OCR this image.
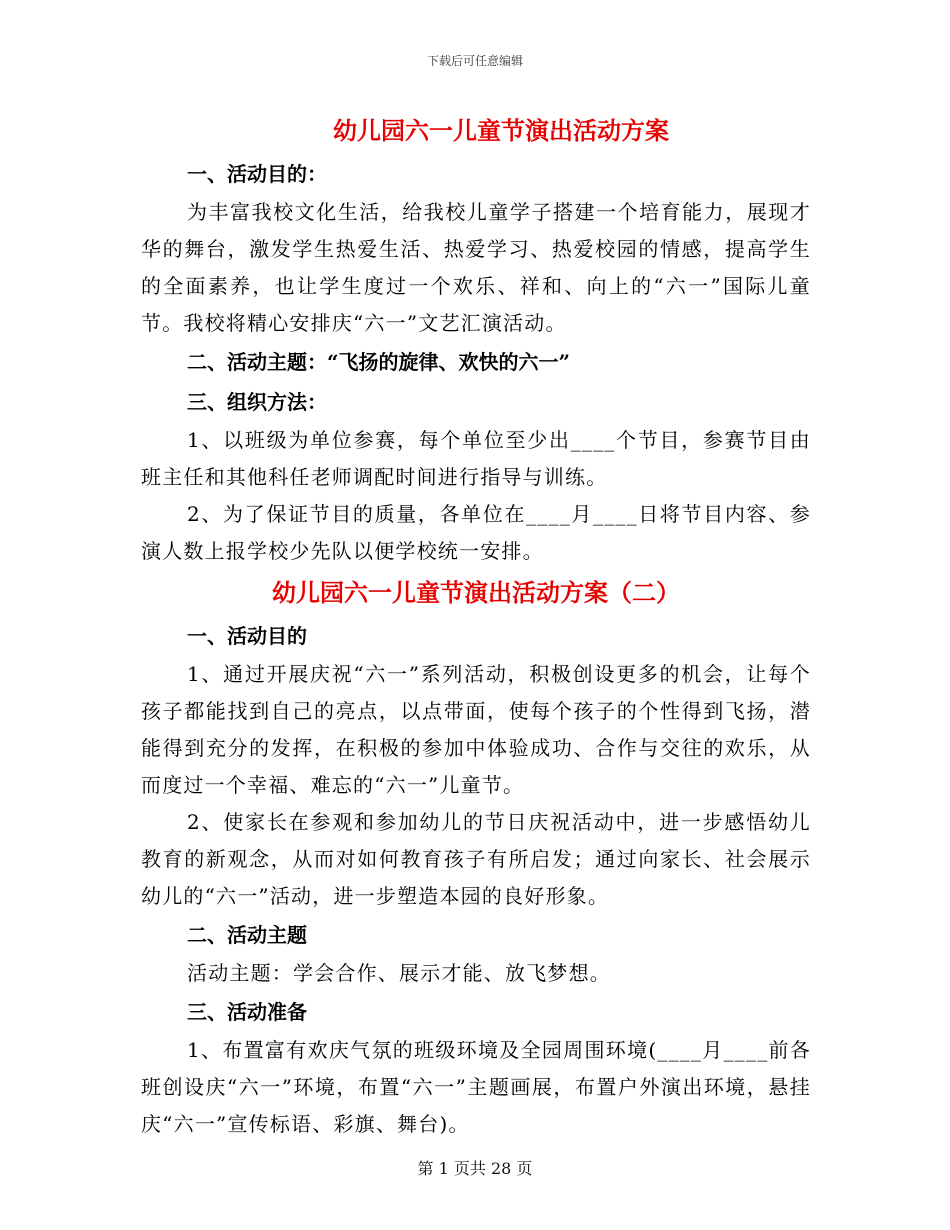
下载后可任意编辑
幼儿园六一儿童节演出活动方案

一、活动目的：

为丰富我校文化生活，给我校儿童学子搭建一个培育能力，展现才华的舞台，激发学生热爱生活、热爱学习、热爱校园的情感，提高学生的全面素养，也让学生度过一个欢乐、祥和、向上的“六一”国际儿童节。我校将精心安排庆“六一”文艺汇演活动。

二、活动主题：“飞扬的旋律、欢快的六一”

三、组织方法：

1、以班级为单位参赛，每个单位至少出____个节目，参赛节目由班主任和其他科任老师调配时间进行指导与训练。

2、为了保证节目的质量，各单位在____月____日将节目内容、参演人数上报学校少先队以便学校统一安排。

幼儿园六一儿童节演出活动方案（二）

一、活动目的

1、通过开展庆祝“六一”系列活动，积极创设更多的机会，让每个孩子都能找到自己的亮点，以点带面，使每个孩子的个性得到飞扬，潜能得到充分的发挥，在积极的参加中体验成功、合作与交往的欢乐，从而度过一个幸福、难忘的“六一”儿童节。

2、使家长在参观和参加幼儿的节日庆祝活动中，进一步感悟幼儿教育的新观念，从而对如何教育孩子有所启发；通过向家长、社会展示幼儿的“六一”活动，进一步塑造本园的良好形象。

二、活动主题

活动主题：学会合作、展示才能、放飞梦想。

三、活动准备

1、布置富有欢庆气氛的班级环境及全园周围环境(____月____前各班创设庆“六一”环境，布置“六一”主题画展，布置户外演出环境，悬挂庆“六一”宣传标语、彩旗、舞台)。

第 1 页共 28 页
